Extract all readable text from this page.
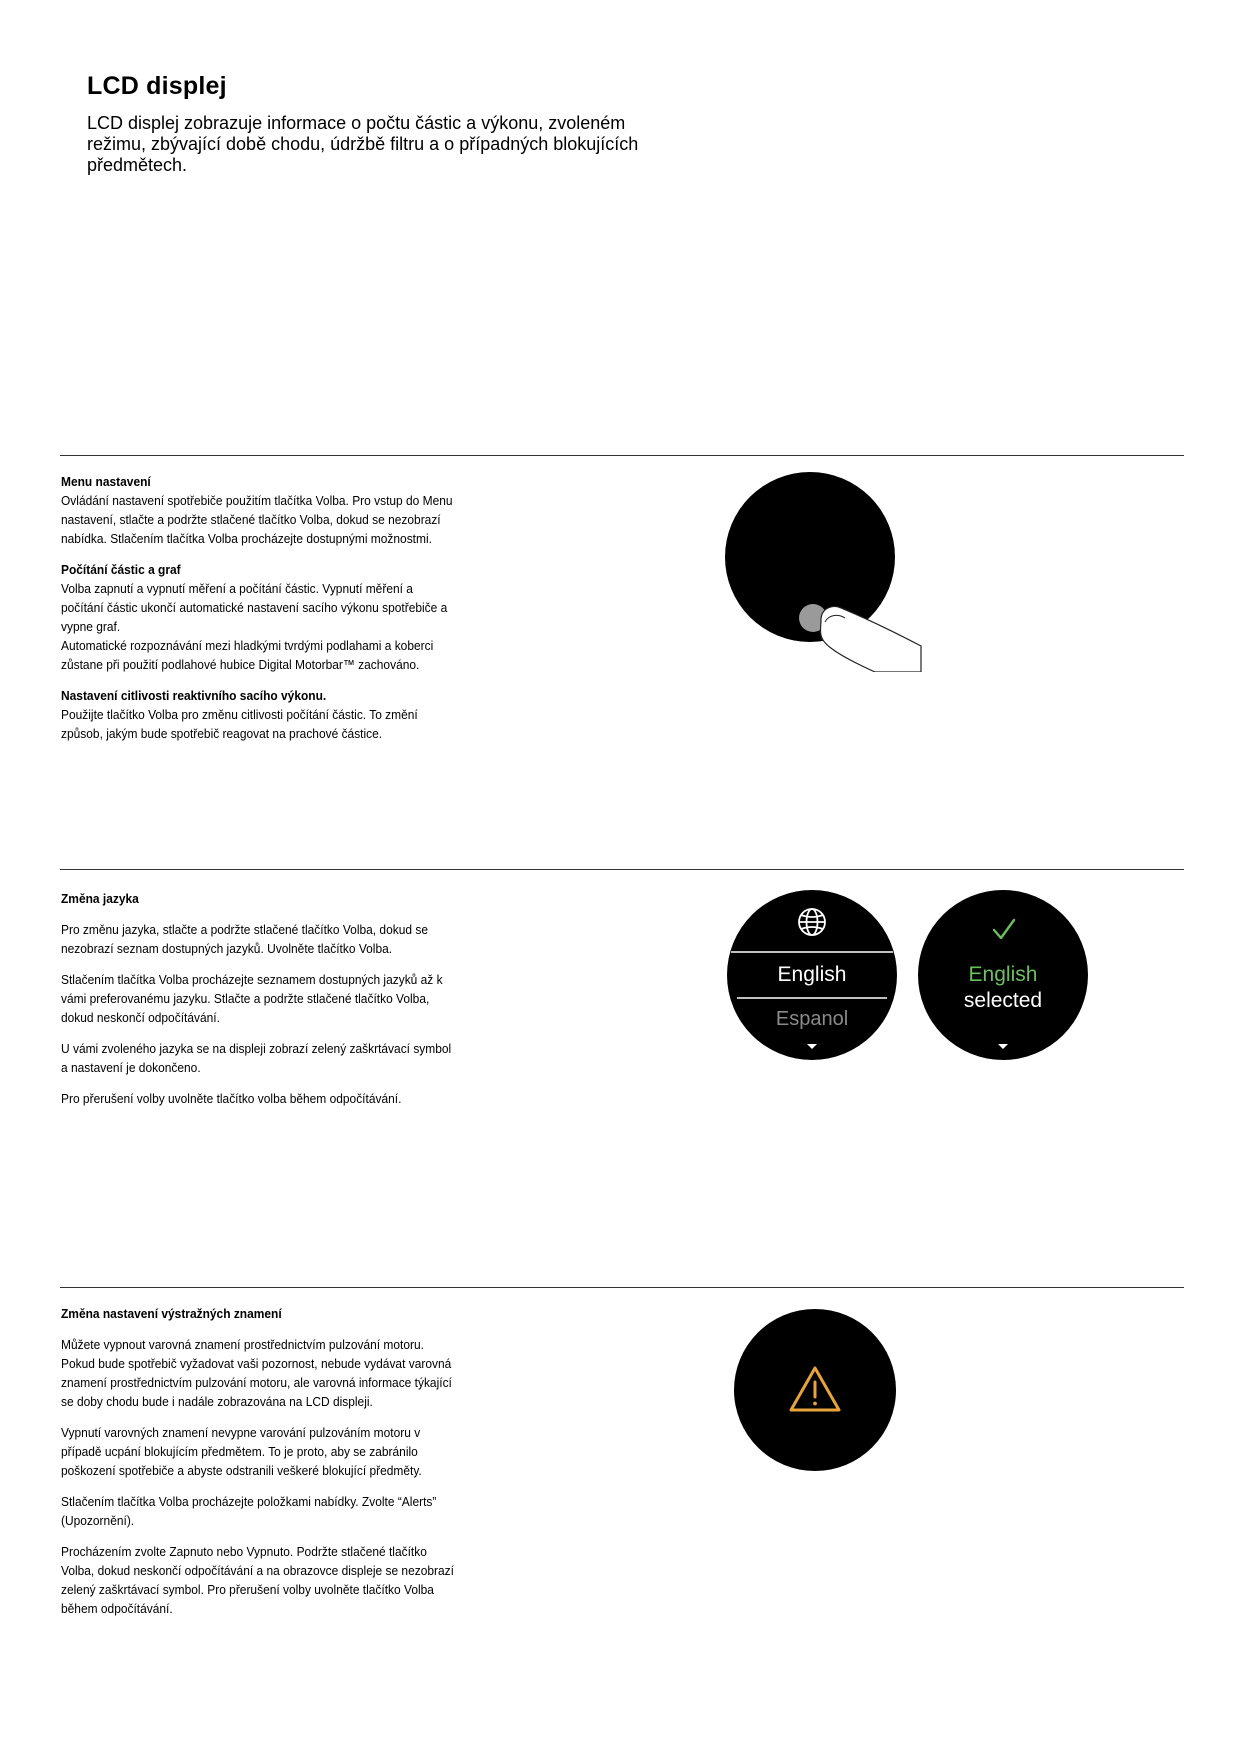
LCD displej

LCD displej zobrazuje informace o počtu částic a výkonu, zvoleném
režimu, zbývající době chodu, údržbě filtru a o případných blokujících
předmětech.

Menu nastavení
Ovládání nastavení spotřebiče použitím tlačítka Volba. Pro vstup do Menu
nastavení, stlačte a podržte stlačené tlačítko Volba, dokud se nezobrazí
nabídka. Stlačením tlačítka Volba procházejte dostupnými možnostmi.
Počítání částic a graf
Volba zapnutí a vypnutí měření a počítání částic. Vypnutí měření a
počítání částic ukončí automatické nastavení sacího výkonu spotřebiče a
vypne graf.
Automatické rozpoznávání mezi hladkými tvrdými podlahami a koberci
zůstane při použití podlahové hubice Digital Motorbar™ zachováno.
Nastavení citlivosti reaktivního sacího výkonu.
Použijte tlačítko Volba pro změnu citlivosti počítání částic. To změní
způsob, jakým bude spotřebič reagovat na prachové částice.
Změna jazyka

Pro změnu jazyka, stlačte a podržte stlačené tlačítko Volba, dokud se
nezobrazí seznam dostupných jazyků. Uvolněte tlačítko Volba.

Stlačením tlačítka Volba procházejte seznamem dostupných jazyků až k
vámi preferovanému jazyku. Stlačte a podržte stlačené tlačítko Volba,
dokud neskončí odpočítávání.

U vámi zvoleného jazyka se na displeji zobrazí zelený zaškrtávací symbol
a nastavení je dokončeno.

Pro přerušení volby uvolněte tlačítko volba během odpočítávání.

English
Espanol
English
selected
Změna nastavení výstražných znamení

Můžete vypnout varovná znamení prostřednictvím pulzování motoru.
Pokud bude spotřebič vyžadovat vaši pozornost, nebude vydávat varovná
znamení prostřednictvím pulzování motoru, ale varovná informace týkající
se doby chodu bude i nadále zobrazována na LCD displeji.

Vypnutí varovných znamení nevypne varování pulzováním motoru v
případě ucpání blokujícím předmětem. To je proto, aby se zabránilo
poškození spotřebiče a abyste odstranili veškeré blokující předměty.

Stlačením tlačítka Volba procházejte položkami nabídky. Zvolte “Alerts”
(Upozornění).

Procházením zvolte Zapnuto nebo Vypnuto. Podržte stlačené tlačítko
Volba, dokud neskončí odpočítávání a na obrazovce displeje se nezobrazí
zelený zaškrtávací symbol. Pro přerušení volby uvolněte tlačítko Volba
během odpočítávání.
